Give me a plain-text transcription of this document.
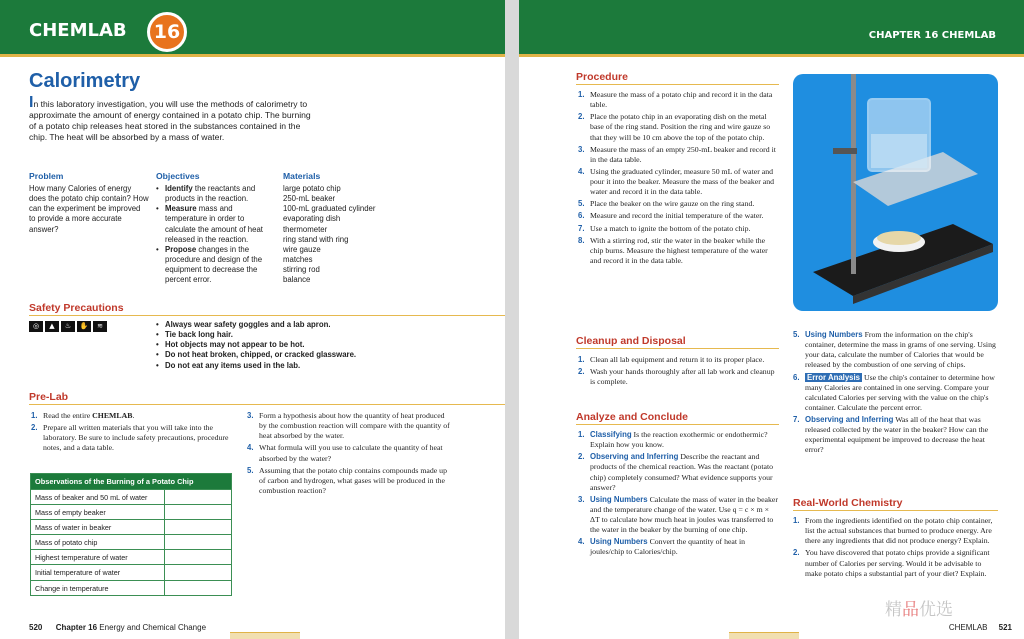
CHEMLAB	16
Calorimetry
In this laboratory investigation, you will use the methods of calorimetry to approximate the amount of energy contained in a potato chip. The burning of a potato chip releases heat stored in the substances contained in the chip. The heat will be absorbed by a mass of water.
Problem
How many Calories of energy does the potato chip contain? How can the experiment be improved to provide a more accurate answer?
Objectives
• Identify the reactants and products in the reaction.
• Measure mass and temperature in order to calculate the amount of heat released in the reaction.
• Propose changes in the procedure and design of the equipment to decrease the percent error.
Materials
large potato chip
250-mL beaker
100-mL graduated cylinder
evaporating dish
thermometer
ring stand with ring
wire gauze
matches
stirring rod
balance
Safety Precautions
◎	▲	♨	✋	≋
•	Always wear safety goggles and a lab apron.
• Tie back long hair.
• Hot objects may not appear to be hot.
• Do not heat broken, chipped, or cracked glassware.
• Do not eat any items used in the lab.
Pre-Lab
1. Read the entire CHEMLAB.
2. Prepare all written materials that you will take into the laboratory. Be sure to include safety precautions, procedure notes, and a data table.
3. Form a hypothesis about how the quantity of heat produced by the combustion reaction will compare with the quantity of heat absorbed by the water.
4. What formula will you use to calculate the quantity of heat absorbed by the water?
5. Assuming that the potato chip contains compounds made up of carbon and hydrogen, what gases will be produced in the combustion reaction?
Observations of the Burning of a Potato Chip
Mass of beaker and 50 mL of water
Mass of empty beaker
Mass of water in beaker
Mass of potato chip
Highest temperature of water
Initial temperature of water
Change in temperature
520 Chapter 16 Energy and Chemical Change
CHAPTER 16 CHEMLAB
Procedure
1. Measure the mass of a potato chip and record it in the data table.
2. Place the potato chip in an evaporating dish on the metal base of the ring stand. Position the ring and wire gauze so that they will be 10 cm above the top of the potato chip.
3. Measure the mass of an empty 250-mL beaker and record it in the data table.
4. Using the graduated cylinder, measure 50 mL of water and pour it into the beaker. Measure the mass of the beaker and water and record it in the data table.
5. Place the beaker on the wire gauze on the ring stand.
6. Measure and record the initial temperature of the water.
7. Use a match to ignite the bottom of the potato chip.
8. With a stirring rod, stir the water in the beaker while the chip burns. Measure the highest temperature of the water and record it in the data table.
Cleanup and Disposal
1. Clean all lab equipment and return it to its proper place.
2. Wash your hands thoroughly after all lab work and cleanup is complete.
Analyze and Conclude
1. Classifying Is the reaction exothermic or endothermic? Explain how you know.
2. Observing and Inferring Describe the reactant and products of the chemical reaction. Was the reactant (potato chip) completely consumed? What evidence supports your answer?
3. Using Numbers Calculate the mass of water in the beaker and the temperature change of the water. Use q = c × m × ΔT to calculate how much heat in joules was transferred to the water in the beaker by the burning of one chip.
4. Using Numbers Convert the quantity of heat in joules/chip to Calories/chip.
5. Using Numbers From the information on the chip's container, determine the mass in grams of one serving. Using your data, calculate the number of Calories that would be released by the combustion of one serving of chips.
6. Error Analysis Use the chip's container to determine how many Calories are contained in one serving. Compare your calculated Calories per serving with the value on the chip's container. Calculate the percent error.
7. Observing and Inferring Was all of the heat that was released collected by the water in the beaker? How can the experimental equipment be improved to decrease the heat error?
Real-World Chemistry
1. From the ingredients identified on the potato chip container, list the actual substances that burned to produce energy. Are there any ingredients that did not produce energy? Explain.
2. You have discovered that potato chips provide a significant number of Calories per serving. Would it be advisable to make potato chips a substantial part of your diet? Explain.
CHEMLAB 521
精品优选
